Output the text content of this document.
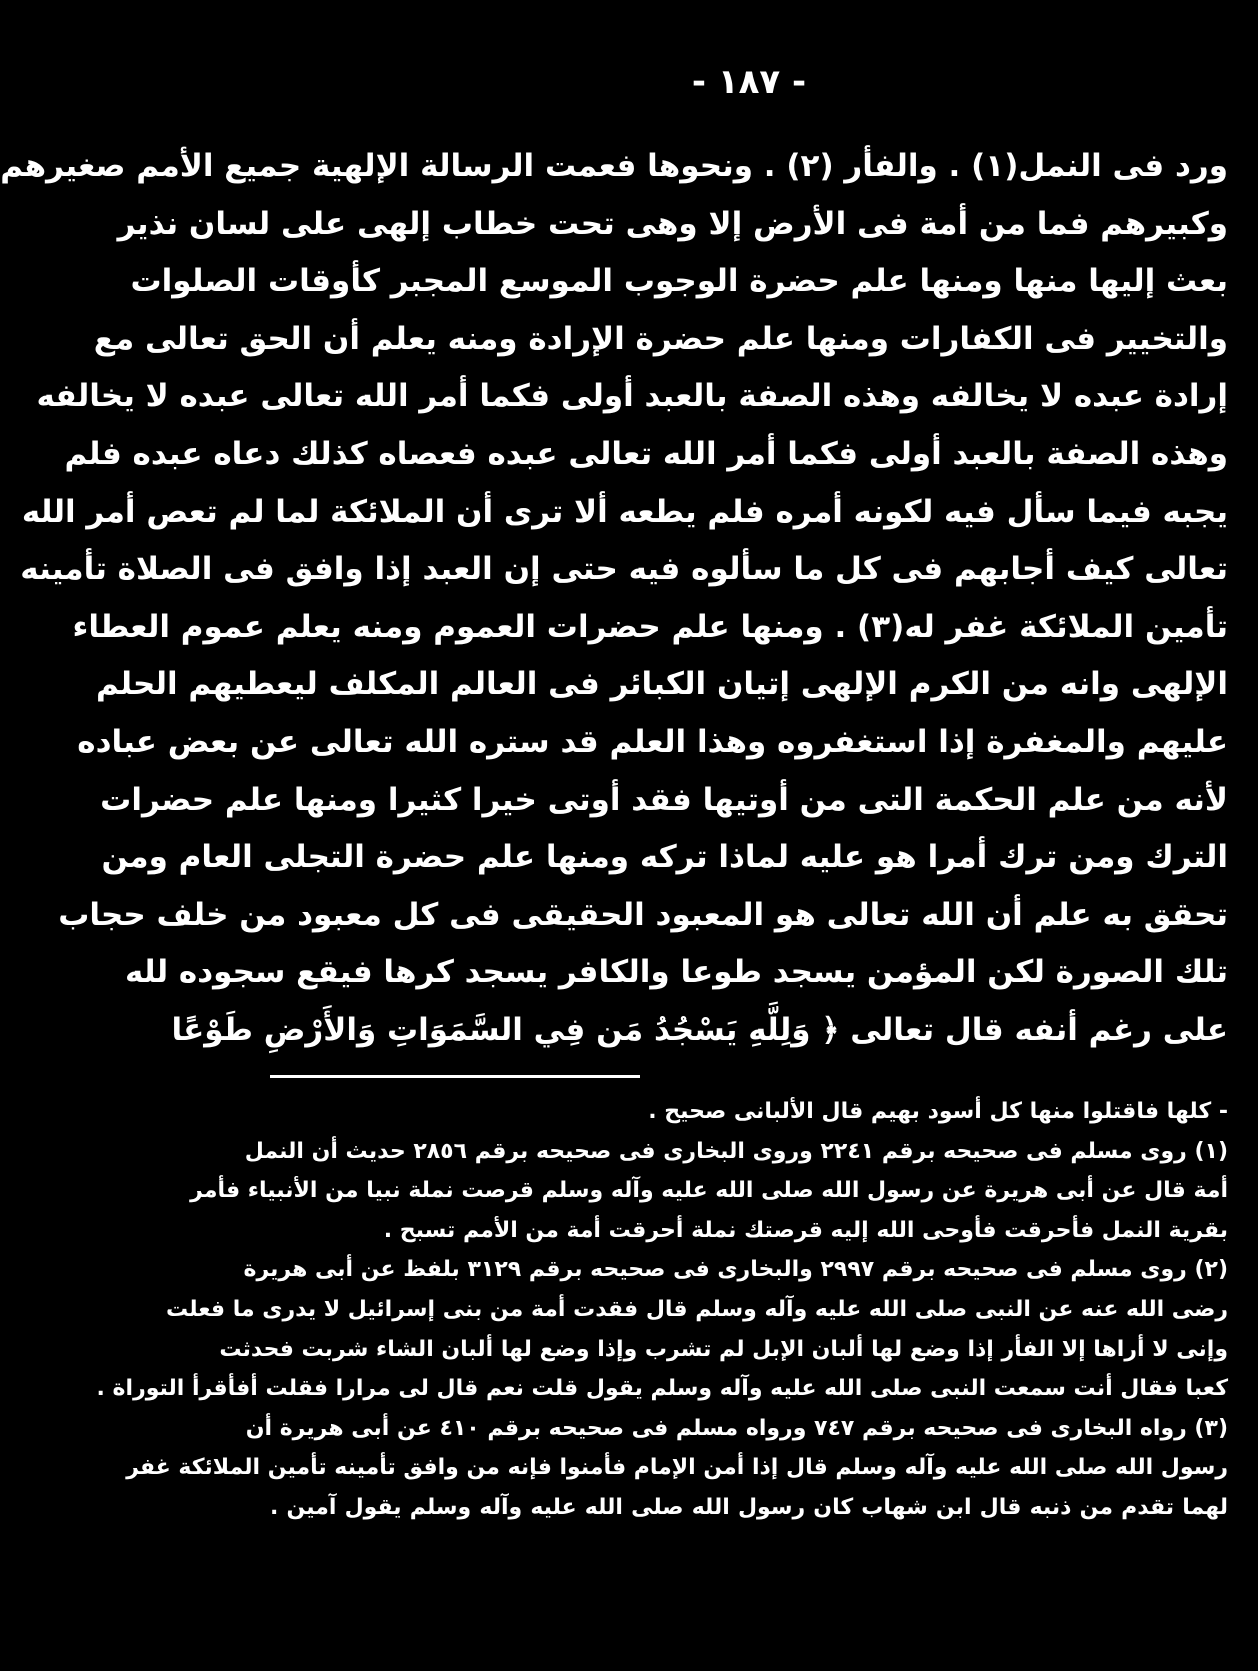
- ١٨٧ -
ورد فى النمل(١) . والفأر (٢) . ونحوها فعمت الرسالة الإلهية جميع الأمم صغيرهم
وكبيرهم فما من أمة فى الأرض إلا وهى تحت خطاب إلهى على لسان نذير
بعث إليها منها ومنها علم حضرة الوجوب الموسع المجبر كأوقات الصلوات
والتخيير فى الكفارات ومنها علم حضرة الإرادة ومنه يعلم أن الحق تعالى مع
إرادة عبده لا يخالفه وهذه الصفة بالعبد أولى فكما أمر الله تعالى عبده لا يخالفه
وهذه الصفة بالعبد أولى فكما أمر الله تعالى عبده فعصاه كذلك دعاه عبده فلم
يجبه فيما سأل فيه لكونه أمره فلم يطعه ألا ترى أن الملائكة لما لم تعص أمر الله
تعالى كيف أجابهم فى كل ما سألوه فيه حتى إن العبد إذا وافق فى الصلاة تأمينه
تأمين الملائكة غفر له(٣) . ومنها علم حضرات العموم ومنه يعلم عموم العطاء
الإلهى وانه من الكرم الإلهى إتيان الكبائر فى العالم المكلف ليعطيهم الحلم
عليهم والمغفرة إذا استغفروه وهذا العلم قد ستره الله تعالى عن بعض عباده
لأنه من علم الحكمة التى من أوتيها فقد أوتى خيرا كثيرا ومنها علم حضرات
الترك ومن ترك أمرا هو عليه لماذا تركه ومنها علم حضرة التجلى العام ومن
تحقق به علم أن الله تعالى هو المعبود الحقيقى فى كل معبود من خلف حجاب
تلك الصورة لكن المؤمن يسجد طوعا والكافر يسجد كرها فيقع سجوده لله
على رغم أنفه قال تعالى ﴿ وَلِلَّهِ يَسْجُدُ مَن فِي السَّمَوَاتِ وَالأَرْضِ طَوْعًا
- كلها فاقتلوا منها كل أسود بهيم قال الألبانى صحيح .
(١) روى مسلم فى صحيحه برقم ٢٢٤١ وروى البخارى فى صحيحه برقم ٢٨٥٦ حديث أن النمل
أمة قال عن أبى هريرة عن رسول الله صلى الله عليه وآله وسلم قرصت نملة نبيا من الأنبياء فأمر
بقرية النمل فأحرقت فأوحى الله إليه قرصتك نملة أحرقت أمة من الأمم تسبح .
(٢) روى مسلم فى صحيحه برقم ٢٩٩٧ والبخارى فى صحيحه برقم ٣١٢٩ بلفظ عن أبى هريرة
رضى الله عنه عن النبى صلى الله عليه وآله وسلم قال فقدت أمة من بنى إسرائيل لا يدرى ما فعلت
وإنى لا أراها إلا الفأر إذا وضع لها ألبان الإبل لم تشرب وإذا وضع لها ألبان الشاء شربت فحدثت
كعبا فقال أنت سمعت النبى صلى الله عليه وآله وسلم يقول قلت نعم قال لى مرارا فقلت أفأقرأ التوراة .
(٣) رواه البخارى فى صحيحه برقم ٧٤٧ ورواه مسلم فى صحيحه برقم ٤١٠ عن أبى هريرة أن
رسول الله صلى الله عليه وآله وسلم قال إذا أمن الإمام فأمنوا فإنه من وافق تأمينه تأمين الملائكة غفر
لهما تقدم من ذنبه قال ابن شهاب كان رسول الله صلى الله عليه وآله وسلم يقول آمين .
